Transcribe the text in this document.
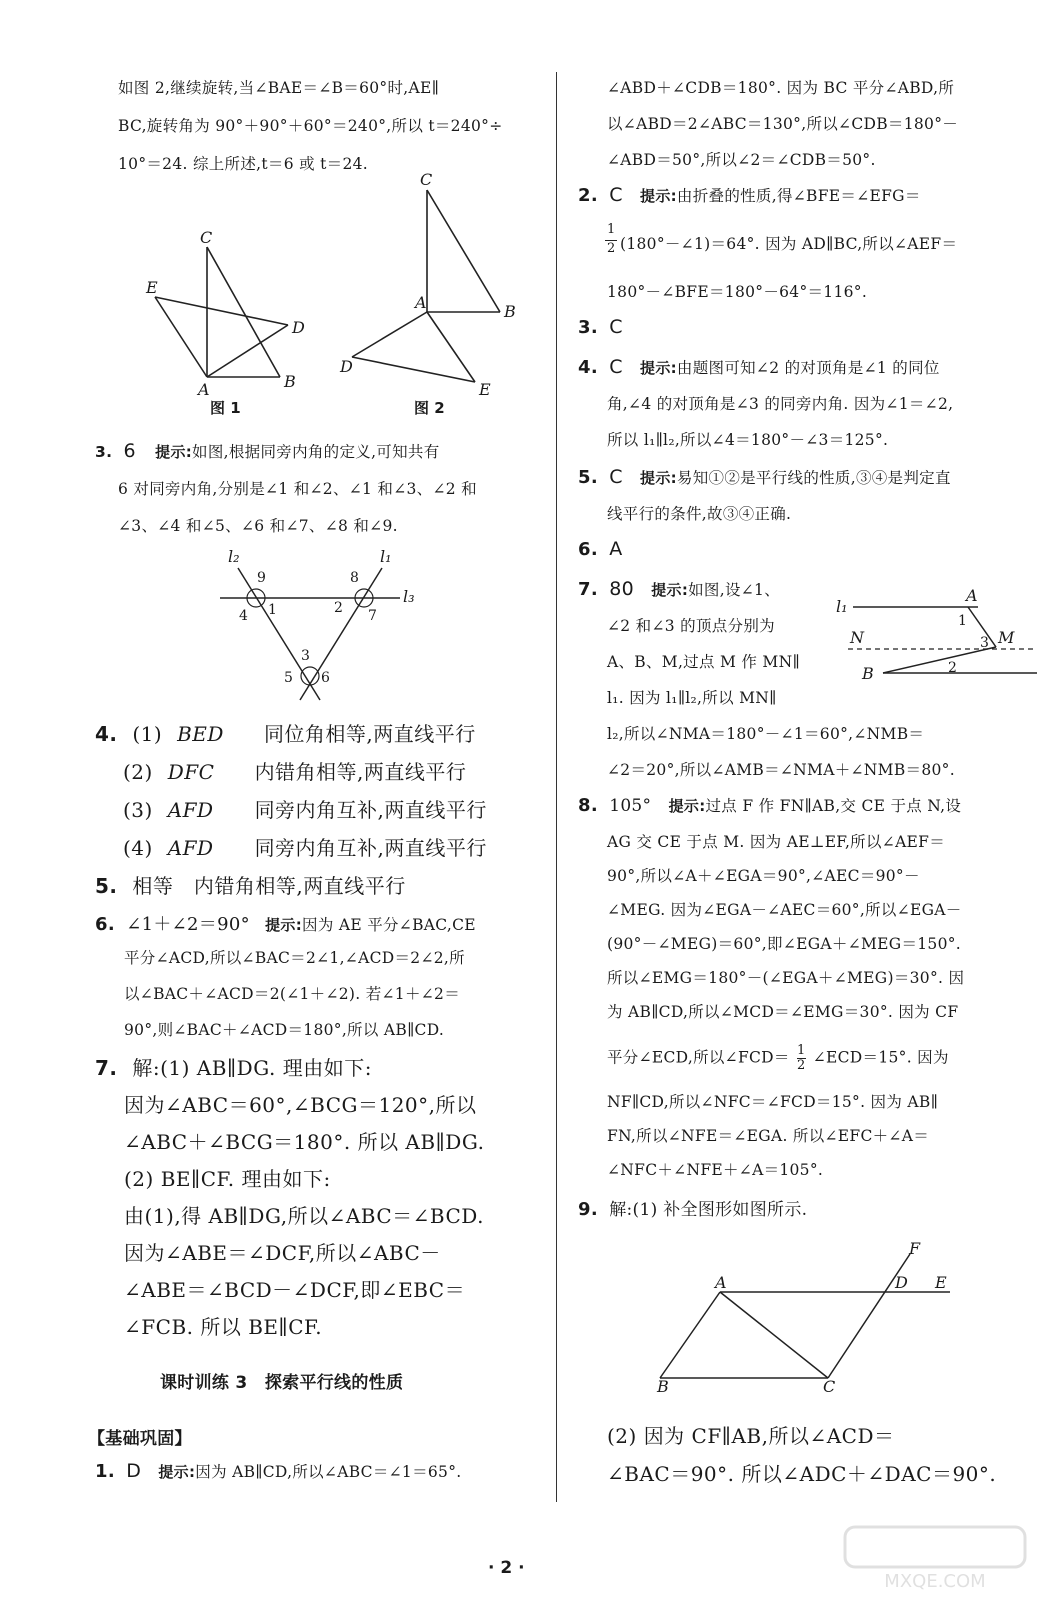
如图 2,继续旋转,当∠BAE＝∠B＝60°时,AE∥
BC,旋转角为 90°＋90°＋60°＝240°,所以 t＝240°÷
10°＝24. 综上所述,t＝6 或 t＝24.
C
E
D
A	B
图 1
C
A	B
D
E
图 2
3. 6 提示:如图,根据同旁内角的定义,可知共有
6 对同旁内角,分别是∠1 和∠2、∠1 和∠3、∠2 和
∠3、∠4 和∠5、∠6 和∠7、∠8 和∠9.
l₂	l₁
l₃
9
1
4
8
2 7
3
5 6
4. (1) BED 同位角相等,两直线平行
(2) DFC 内错角相等,两直线平行
(3) AFD 同旁内角互补,两直线平行
(4) AFD 同旁内角互补,两直线平行
5. 相等　内错角相等,两直线平行
6. ∠1＋∠2＝90° 提示:因为 AE 平分∠BAC,CE
平分∠ACD,所以∠BAC＝2∠1,∠ACD＝2∠2,所
以∠BAC＋∠ACD＝2(∠1＋∠2). 若∠1＋∠2＝
90°,则∠BAC＋∠ACD＝180°,所以 AB∥CD.
7. 解:(1) AB∥DG. 理由如下:
因为∠ABC＝60°,∠BCG＝120°,所以
∠ABC＋∠BCG＝180°. 所以 AB∥DG.
(2) BE∥CF. 理由如下:
由(1),得 AB∥DG,所以∠ABC＝∠BCD.
因为∠ABE＝∠DCF,所以∠ABC－
∠ABE＝∠BCD－∠DCF,即∠EBC＝
∠FCB. 所以 BE∥CF.
课时训练 3　探索平行线的性质
【基础巩固】
1. D 提示:因为 AB∥CD,所以∠ABC＝∠1＝65°.
∠ABD＋∠CDB＝180°. 因为 BC 平分∠ABD,所
以∠ABD＝2∠ABC＝130°,所以∠CDB＝180°－
∠ABD＝50°,所以∠2＝∠CDB＝50°.
2. C 提示:由折叠的性质,得∠BFE＝∠EFG＝
1
2 (180°－∠1)＝64°. 因为 AD∥BC,所以∠AEF＝
180°－∠BFE＝180°－64°＝116°.
3. C
4. C 提示:由题图可知∠2 的对顶角是∠1 的同位
角,∠4 的对顶角是∠3 的同旁内角. 因为∠1＝∠2,
所以 l₁∥l₂,所以∠4＝180°－∠3＝125°.
5. C 提示:易知①②是平行线的性质,③④是判定直
线平行的条件,故③④正确.
6. A
7. 80 提示:如图,设∠1、
∠2 和∠3 的顶点分别为
A、B、M,过点 M 作 MN∥
l₁. 因为 l₁∥l₂,所以 MN∥
l₂,所以∠NMA＝180°－∠1＝60°,∠NMB＝
∠2＝20°,所以∠AMB＝∠NMA＋∠NMB＝80°.
l₁
A
1
N	3 M
B	2
8. 105° 提示:过点 F 作 FN∥AB,交 CE 于点 N,设
AG 交 CE 于点 M. 因为 AE⊥EF,所以∠AEF＝
90°,所以∠A＋∠EGA＝90°,∠AEC＝90°－
∠MEG. 因为∠EGA－∠AEC＝60°,所以∠EGA－
(90°－∠MEG)＝60°,即∠EGA＋∠MEG＝150°.
所以∠EMG＝180°－(∠EGA＋∠MEG)＝30°. 因
为 AB∥CD,所以∠MCD＝∠EMG＝30°. 因为 CF
平分∠ECD,所以∠FCD＝ $\frac{1}{2}$ ∠ECD＝15°. 因为
NF∥CD,所以∠NFC＝∠FCD＝15°. 因为 AB∥
FN,所以∠NFE＝∠EGA. 所以∠EFC＋∠A＝
∠NFC＋∠NFE＋∠A＝105°.
9. 解:(1) 补全图形如图所示.
F
A	D E
B	C
(2) 因为 CF∥AB,所以∠ACD＝
∠BAC＝90°. 所以∠ADC＋∠DAC＝90°.
· 2 ·
MXQE.COM
